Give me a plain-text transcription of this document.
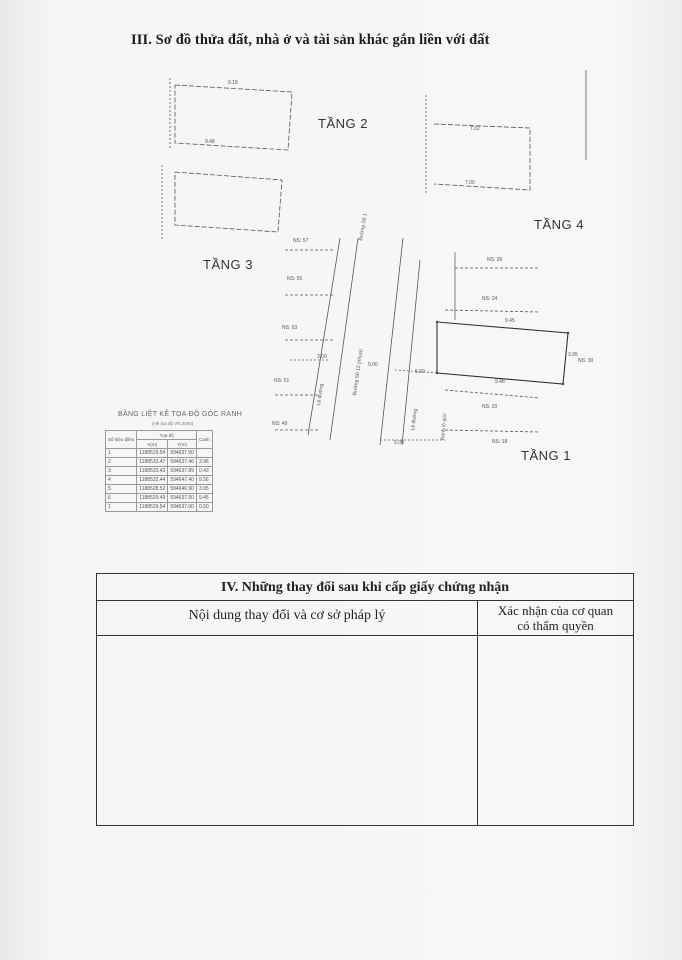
III. Sơ đồ thửa đất, nhà ở và tài sản khác gắn liền với đất
9.18
9.48
7.02
7.00
TẦNG 2
TẦNG 3
TẦNG 4
TẦNG 1
NS: 57
NS: 55
NS: 53
NS: 51
NS: 49
NS: 26
NS: 24
NS: 30
NS: 20
NS: 18
9.45
9.48
3.95
5.00
5.00
5.00
3.00
Đường Số 1
Đường Số 12 (nhựa)
Lề đường
Lề đường	Ranh lộ giới
BẢNG LIỆT KÊ TỌA ĐỘ GÓC RANH
(Hệ tọa độ VN 2000)
Số hiệu điểm	Tọa độ		Cạnh
	X(m)	Y(m)	
1	1188529.54	594637.00	
2	1188533.47	594637.46	3.96
3	1188533.43	594637.89	0.43
4	1188532.44	594647.40	9.56
5	1188528.52	594646.90	3.95
6	1188529.49	594637.50	9.45
1	1188529.54	594637.00	0.50
IV. Những thay đổi sau khi cấp giấy chứng nhận
Nội dung thay đổi và cơ sở pháp lý	Xác nhận của cơ quan
có thẩm quyền
